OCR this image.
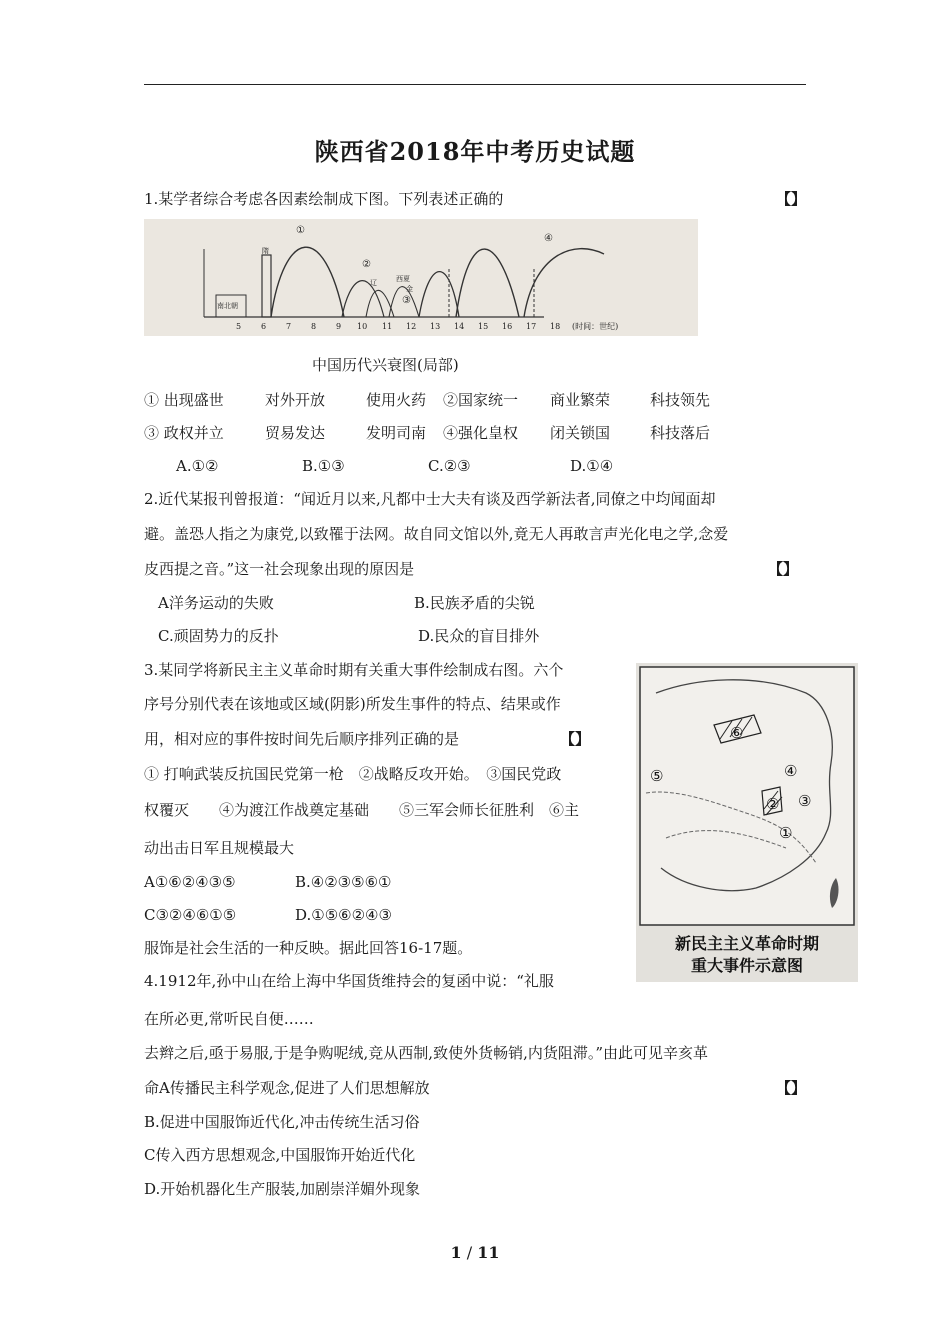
陕西省2018年中考历史试题
1.某学者综合考虑各因素绘制成下图。下列表述正确的	【】
5 6 7 8 9 10 11 12 13 14 15 16 17 18 (时间：世纪)
南北朝
隋
辽	西夏
金
①
②
③
④
中国历代兴衰图(局部)
① 出现盛世	对外开放	使用火药 ②国家统一 商业繁荣	科技领先
③ 政权并立	贸易发达	发明司南 ④强化皇权 闭关锁国	科技落后
A.①②	B.①③	C.②③	D.①④
2.近代某报刊曾报道：“闻近月以来,凡都中士大夫有谈及西学新法者,同僚之中均闻面却
避。盖恐人指之为康党,以致罹于法网。故自同文馆以外,竟无人再敢言声光化电之学,念爱
皮西提之音。”这一社会现象出现的原因是	【】
A洋务运动的失败	B.民族矛盾的尖锐
C.顽固势力的反扑	D.民众的盲目排外
3.某同学将新民主主义革命时期有关重大事件绘制成右图。六个
序号分别代表在该地或区域(阴影)所发生事件的特点、结果或作
用，相对应的事件按时间先后顺序排列正确的是	【】
① 打响武装反抗国民党第一枪　②战略反攻开始。　③国民党政
权覆灭　　④为渡江作战奠定基础　　⑤三军会师长征胜利　⑥主
动出击日军且规模最大
A①⑥②④③⑤	B.④②③⑤⑥①
C③②④⑥①⑤	D.①⑤⑥②④③
①
② ③
④
⑤
⑥
新民主主义革命时期
重大事件示意图
服饰是社会生活的一种反映。据此回答16-17题。
4.1912年,孙中山在给上海中华国货维持会的复函中说：“礼服
在所必更,常听民自便……
去辫之后,亟于易服,于是争购呢绒,竞从西制,致使外货畅销,内货阻滞。”由此可见辛亥革
命A传播民主科学观念,促进了人们思想解放	【】
B.促进中国服饰近代化,冲击传统生活习俗
C传入西方思想观念,中国服饰开始近代化
D.开始机器化生产服装,加剧崇洋媚外现象
1 / 11
